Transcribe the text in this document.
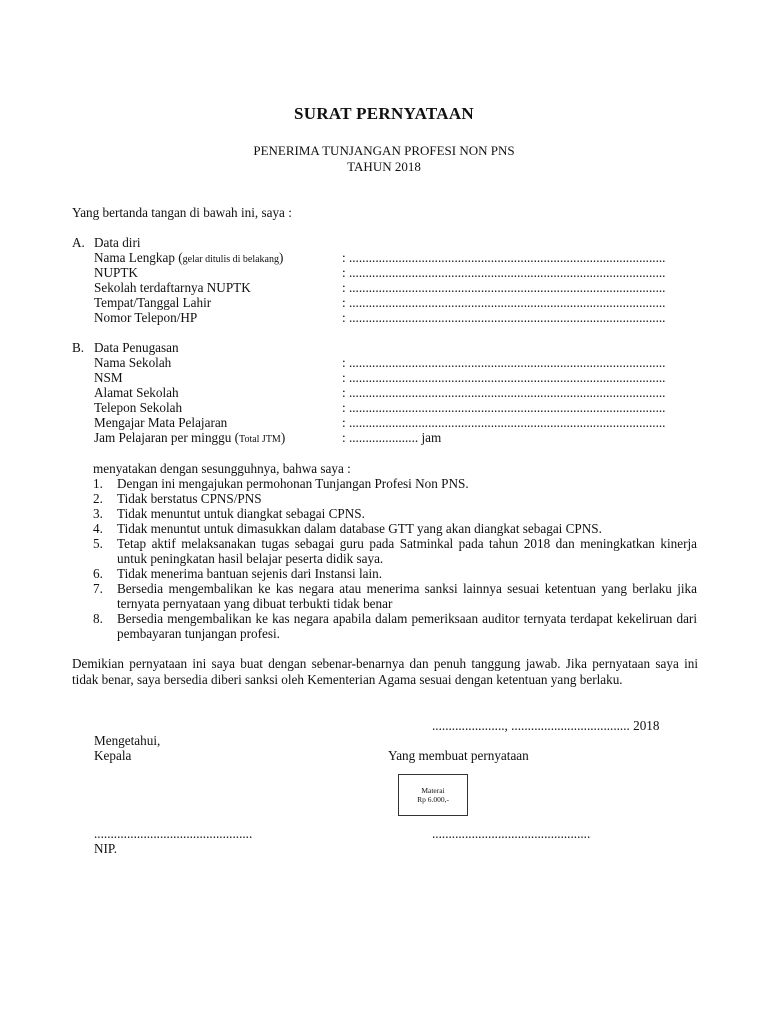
SURAT PERNYATAAN
PENERIMA TUNJANGAN PROFESI NON PNS
TAHUN 2018
Yang bertanda tangan di bawah ini, saya :
A. Data diri
Nama Lengkap (gelar ditulis di belakang)	: ................................................................................................
NUPTK	: ................................................................................................
Sekolah terdaftarnya NUPTK	: ................................................................................................
Tempat/Tanggal Lahir	: ................................................................................................
Nomor Telepon/HP	: ................................................................................................
B. Data Penugasan
Nama Sekolah	: ................................................................................................
NSM	: ................................................................................................
Alamat Sekolah	: ................................................................................................
Telepon Sekolah	: ................................................................................................
Mengajar Mata Pelajaran	: ................................................................................................
Jam Pelajaran per minggu (Total JTM)	: ..................... jam
menyatakan dengan sesungguhnya, bahwa saya :
1. Dengan ini mengajukan permohonan Tunjangan Profesi Non PNS.
2. Tidak berstatus CPNS/PNS
3. Tidak menuntut untuk diangkat sebagai CPNS.
4. Tidak menuntut untuk dimasukkan dalam database GTT yang akan diangkat sebagai CPNS.
5. Tetap aktif melaksanakan tugas sebagai guru pada Satminkal pada tahun 2018 dan meningkatkan kinerja untuk peningkatan hasil belajar peserta didik saya.
6. Tidak menerima bantuan sejenis dari Instansi lain.
7. Bersedia mengembalikan ke kas negara atau menerima sanksi lainnya sesuai ketentuan yang berlaku jika ternyata pernyataan yang dibuat terbukti tidak benar
8. Bersedia mengembalikan ke kas negara apabila dalam pemeriksaan auditor ternyata terdapat kekeliruan dari pembayaran tunjangan profesi.
Demikian pernyataan ini saya buat dengan sebenar-benarnya dan penuh tanggung jawab. Jika pernyataan saya ini tidak benar, saya bersedia diberi sanksi oleh Kementerian Agama sesuai dengan ketentuan yang berlaku.
......................, .................................... 2018
Mengetahui,
Kepala	Yang membuat pernyataan
Materai
Rp 6.000,-
................................................	................................................
NIP.
